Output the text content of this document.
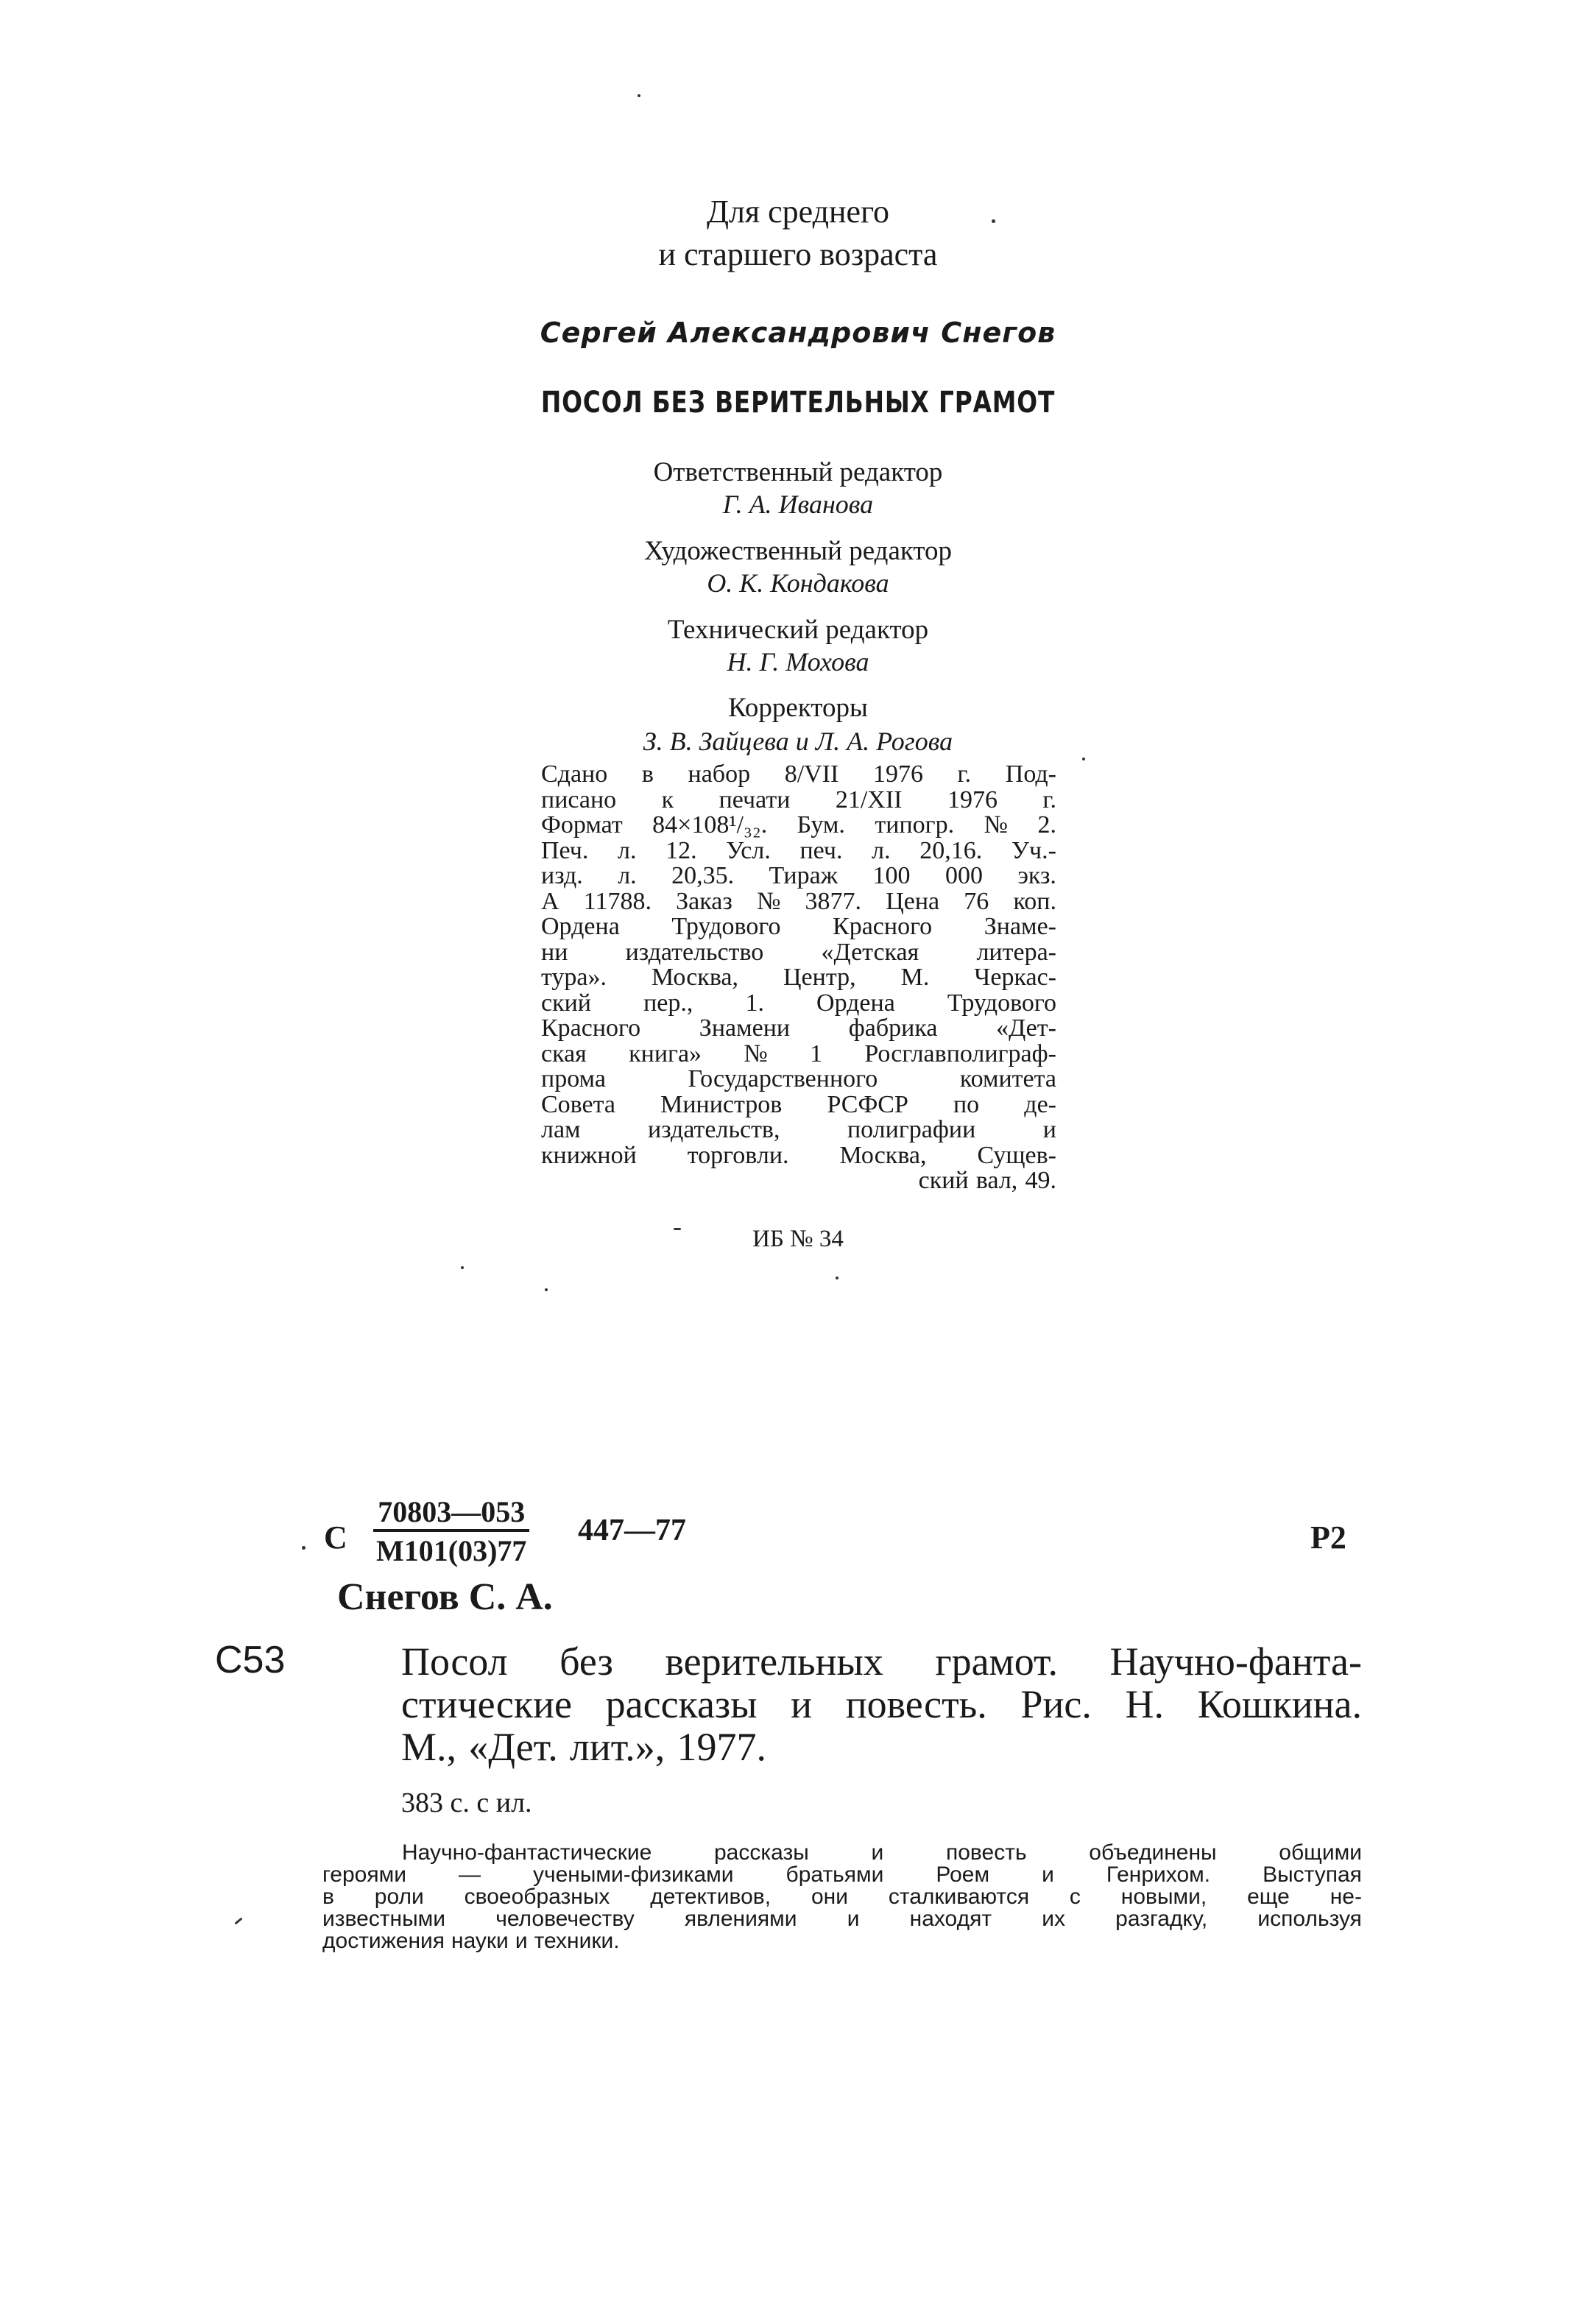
Для среднего
и старшего возраста
Сергей Александрович Снегов
ПОСОЛ БЕЗ ВЕРИТЕЛЬНЫХ ГРАМОТ
Ответственный редактор
Г. А. Иванова
Художественный редактор
О. К. Кондакова
Технический редактор
Н. Г. Мохова
Корректоры
З. В. Зайцева и Л. А. Рогова
Сдано в набор 8/VII 1976 г. Под-
писано к печати 21/XII 1976 г.
Формат 84×108¹/₃₂. Бум. типогр. № 2.
Печ. л. 12. Усл. печ. л. 20,16. Уч.-
изд. л. 20,35. Тираж 100 000 экз.
А 11788. Заказ № 3877. Цена 76 коп.
Ордена Трудового Красного Знаме-
ни издательство «Детская литера-
тура». Москва, Центр, М. Черкас-
ский пер., 1. Ордена Трудового
Красного Знамени фабрика «Дет-
ская книга» № 1 Росглавполиграф-
прома	Государственного	комитета
Совета Министров РСФСР по де-
лам	издательств,	полиграфии	и
книжной торговли. Москва, Сущев-
ский вал, 49.
ИБ № 34
Снегов С. А.
С53	Посол без верительных грамот. Научно-фанта-
стические рассказы и повесть. Рис. Н. Кошкина.
М., «Дет. лит.», 1977.
383 с. с ил.
Научно-фантастические	рассказы	и	повесть	объединены	общими
героями — учеными-физиками братьями Роем и Генрихом. Выступая
в роли своеобразных детективов, они сталкиваются с новыми, еще не-
известными человечеству явлениями и находят их разгадку, используя
достижения науки и техники.
С
70803—053
М101(03)77
447—77	Р2
